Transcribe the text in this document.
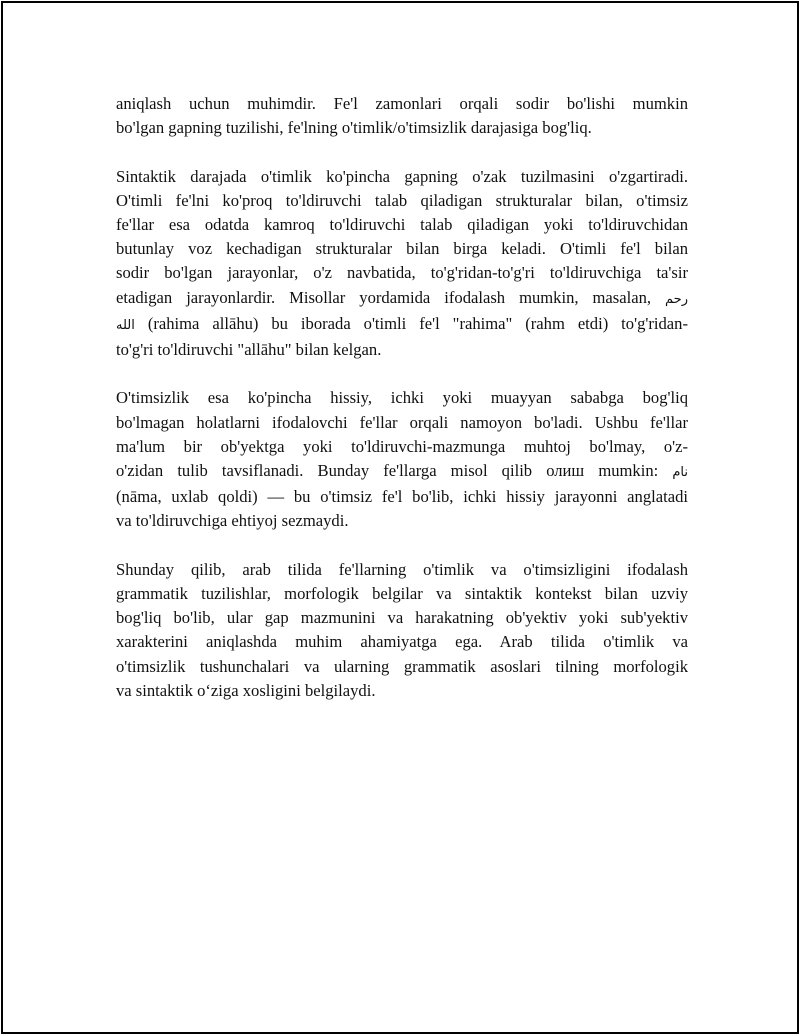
aniqlash uchun muhimdir. Fe'l zamonlari orqali sodir bo'lishi mumkin
bo'lgan gapning tuzilishi, fe'lning o'timlik/o'timsizlik darajasiga bog'liq.

Sintaktik darajada o'timlik ko'pincha gapning o'zak tuzilmasini o'zgartiradi.
O'timli fe'lni ko'proq to'ldiruvchi talab qiladigan strukturalar bilan, o'timsiz
fe'llar esa odatda kamroq to'ldiruvchi talab qiladigan yoki to'ldiruvchidan
butunlay voz kechadigan strukturalar bilan birga keladi. O'timli fe'l bilan
sodir bo'lgan jarayonlar, o'z navbatida, to'g'ridan-to'g'ri to'ldiruvchiga ta'sir
etadigan jarayonlardir. Misollar yordamida ifodalash mumkin, masalan, رحم
الله (rahima allāhu) bu iborada o'timli fe'l "rahima" (rahm etdi) to'g'ridan-
to'g'ri to'ldiruvchi "allāhu" bilan kelgan.

O'timsizlik esa ko'pincha hissiy, ichki yoki muayyan sababga bog'liq
bo'lmagan holatlarni ifodalovchi fe'llar orqali namoyon bo'ladi. Ushbu fe'llar
ma'lum bir ob'yektga yoki to'ldiruvchi-mazmunga muhtoj bo'lmay, o'z-
o'zidan tulib tavsiflanadi. Bunday fe'llarga misol qilib олиш mumkin: نام
(nāma, uxlab qoldi) — bu o'timsiz fe'l bo'lib, ichki hissiy jarayonni anglatadi
va to'ldiruvchiga ehtiyoj sezmaydi.

Shunday qilib, arab tilida fe'llarning o'timlik va o'timsizligini ifodalash
grammatik tuzilishlar, morfologik belgilar va sintaktik kontekst bilan uzviy
bog'liq bo'lib, ular gap mazmunini va harakatning ob'yektiv yoki sub'yektiv
xarakterini aniqlashda muhim ahamiyatga ega. Arab tilida o'timlik va
o'timsizlik tushunchalari va ularning grammatik asoslari tilning morfologik
va sintaktik o‘ziga xosligini belgilaydi.
